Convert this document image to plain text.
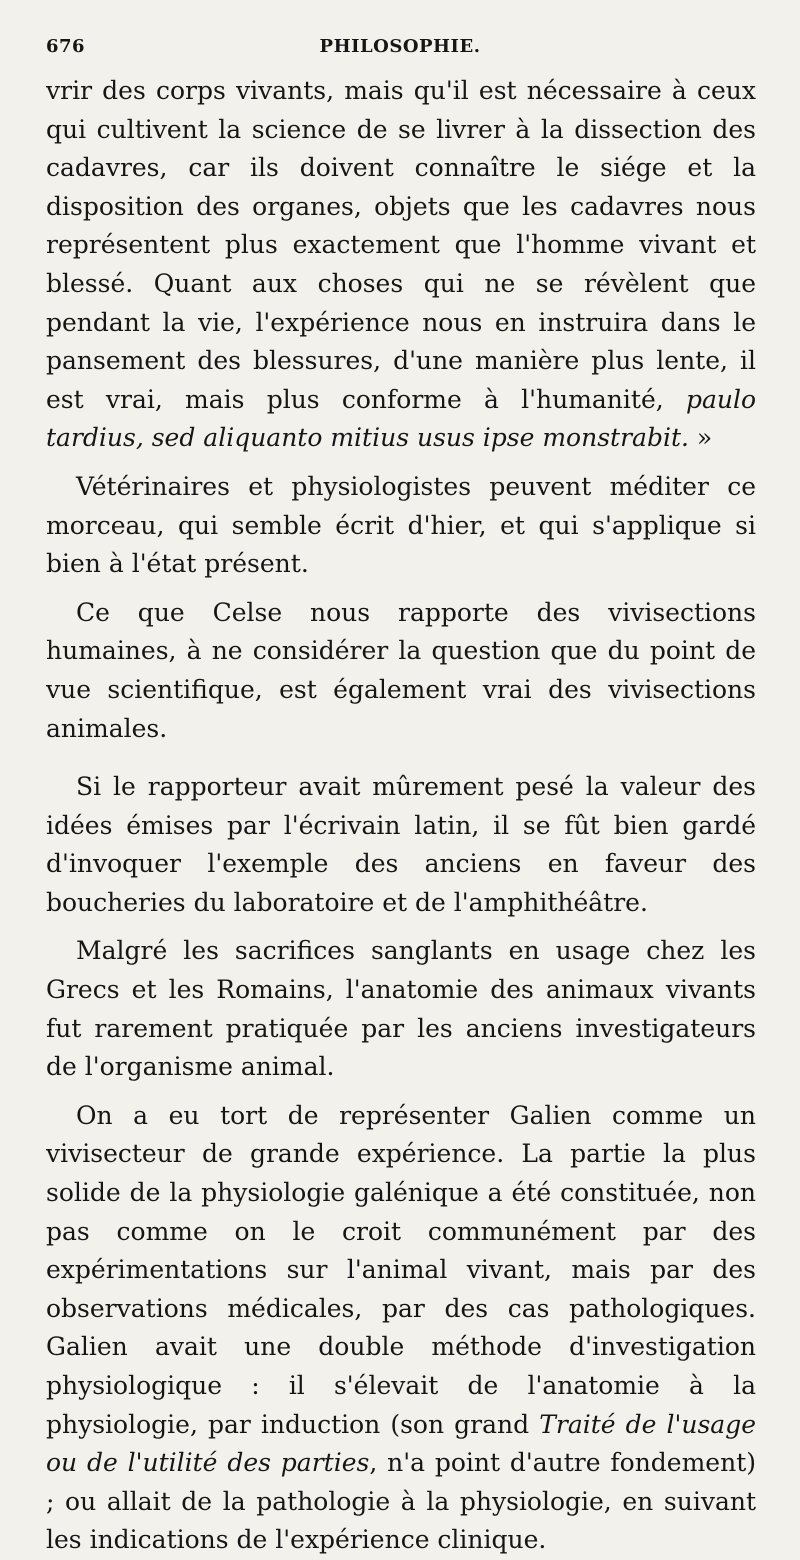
676	PHILOSOPHIE.

vrir des corps vivants, mais qu'il est nécessaire à ceux qui cultivent la science de se livrer à la dissection des cadavres, car ils doivent connaître le siége et la disposition des organes, objets que les cadavres nous représentent plus exactement que l'homme vivant et blessé. Quant aux choses qui ne se révèlent que pendant la vie, l'expérience nous en instruira dans le pansement des blessures, d'une manière plus lente, il est vrai, mais plus conforme à l'humanité, paulo tardius, sed aliquanto mitius usus ipse monstrabit. »

Vétérinaires et physiologistes peuvent méditer ce morceau, qui semble écrit d'hier, et qui s'applique si bien à l'état présent.

Ce que Celse nous rapporte des vivisections humaines, à ne considérer la question que du point de vue scientifique, est également vrai des vivisections animales.

Si le rapporteur avait mûrement pesé la valeur des idées émises par l'écrivain latin, il se fût bien gardé d'invoquer l'exemple des anciens en faveur des boucheries du laboratoire et de l'amphithéâtre.

Malgré les sacrifices sanglants en usage chez les Grecs et les Romains, l'anatomie des animaux vivants fut rarement pratiquée par les anciens investigateurs de l'organisme animal.

On a eu tort de représenter Galien comme un vivisecteur de grande expérience. La partie la plus solide de la physiologie galénique a été constituée, non pas comme on le croit communément par des expérimentations sur l'animal vivant, mais par des observations médicales, par des cas pathologiques. Galien avait une double méthode d'investigation physiologique : il s'élevait de l'anatomie à la physiologie, par induction (son grand Traité de l'usage ou de l'utilité des parties, n'a point d'autre fondement) ; ou allait de la pathologie à la physiologie, en suivant les indications de l'expérience clinique.
